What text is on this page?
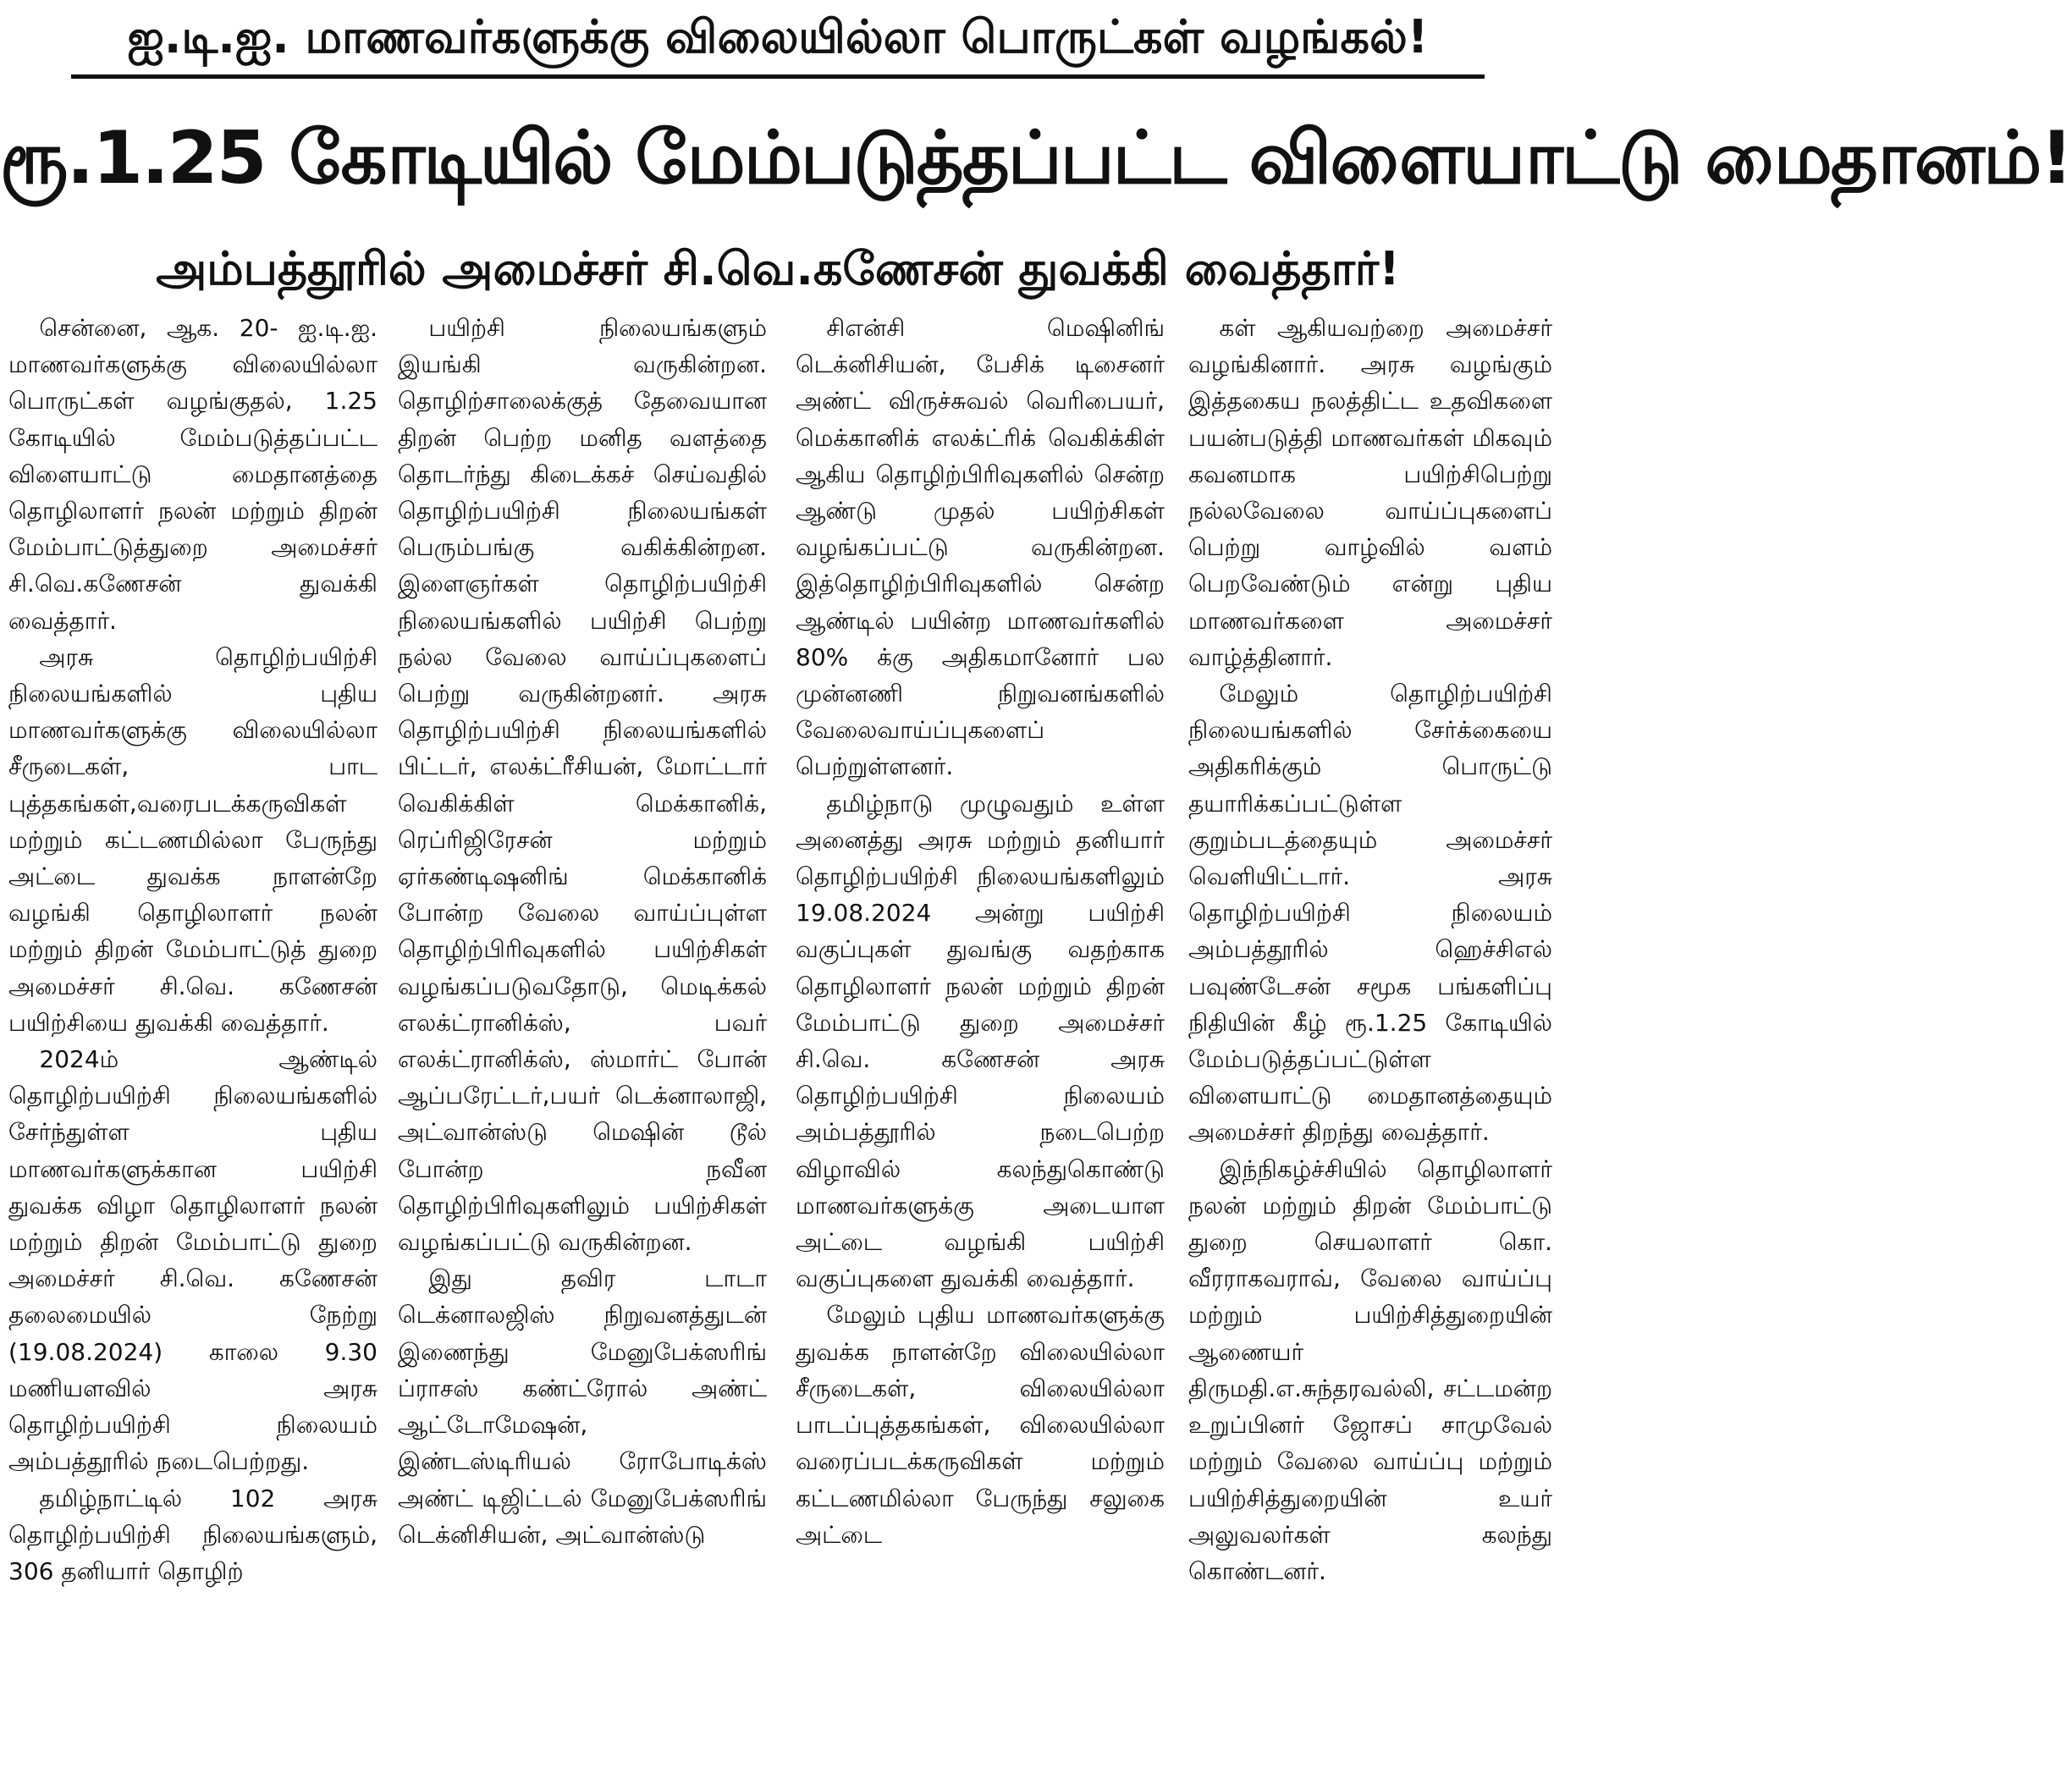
ஐ.டி.ஐ. மாணவர்களுக்கு விலையில்லா பொருட்கள் வழங்கல்!
ரூ.1.25 கோடியில் மேம்படுத்தப்பட்ட விளையாட்டு மைதானம்!
அம்பத்தூரில் அமைச்சர் சி.வெ.கணேசன் துவக்கி வைத்தார்!

சென்னை, ஆக. 20- ஐ.டி.ஐ. மாணவர்களுக்கு விலையில்லா பொருட்கள் வழங்குதல், 1.25 கோடியில் மேம்படுத்தப்பட்ட விளையாட்டு மைதானத்தை தொழிலாளர் நலன் மற்றும் திறன் மேம்பாட்டுத்துறை அமைச்சர் சி.வெ.கணேசன் துவக்கி வைத்தார்.

அரசு தொழிற்பயிற்சி நிலையங்களில் புதிய மாணவர்களுக்கு விலையில்லா சீருடைகள், பாட புத்தகங்கள்,வரைபடக்கருவிகள் மற்றும் கட்டணமில்லா பேருந்து அட்டை துவக்க நாளன்றே வழங்கி தொழிலாளர் நலன் மற்றும் திறன் மேம்பாட்டுத் துறை அமைச்சர் சி.வெ. கணேசன் பயிற்சியை துவக்கி வைத்தார்.

2024ம் ஆண்டில் தொழிற்பயிற்சி நிலையங்களில் சேர்ந்துள்ள புதிய மாணவர்களுக்கான பயிற்சி துவக்க விழா தொழிலாளர் நலன் மற்றும் திறன் மேம்பாட்டு துறை அமைச்சர் சி.வெ. கணேசன் தலைமையில் நேற்று (19.08.2024) காலை 9.30 மணியளவில் அரசு தொழிற்பயிற்சி நிலையம் அம்பத்தூரில் நடைபெற்றது.

தமிழ்நாட்டில் 102 அரசு தொழிற்பயிற்சி நிலையங்களும், 306 தனியார் தொழிற்

பயிற்சி நிலையங்களும் இயங்கி வருகின்றன. தொழிற்சாலைக்குத் தேவையான திறன் பெற்ற மனித வளத்தை தொடர்ந்து கிடைக்கச் செய்வதில் தொழிற்பயிற்சி நிலையங்கள் பெரும்பங்கு வகிக்கின்றன. இளைஞர்கள் தொழிற்பயிற்சி நிலையங்களில் பயிற்சி பெற்று நல்ல வேலை வாய்ப்புகளைப் பெற்று வருகின்றனர். அரசு தொழிற்பயிற்சி நிலையங்களில் பிட்டர், எலக்ட்ரீசியன், மோட்டார் வெகிக்கிள் மெக்கானிக், ரெப்ரிஜிரேசன் மற்றும் ஏர்கண்டிஷனிங் மெக்கானிக் போன்ற வேலை வாய்ப்புள்ள தொழிற்பிரிவுகளில் பயிற்சிகள் வழங்கப்படுவதோடு, மெடிக்கல் எலக்ட்ரானிக்ஸ், பவர் எலக்ட்ரானிக்ஸ், ஸ்மார்ட் போன் ஆப்பரேட்டர்,பயர் டெக்னாலாஜி, அட்வான்ஸ்டு மெஷின் டூல் போன்ற நவீன தொழிற்பிரிவுகளிலும் பயிற்சிகள் வழங்கப்பட்டு வருகின்றன.

இது தவிர டாடா டெக்னாலஜிஸ் நிறுவனத்துடன் இணைந்து மேனுபேக்ஸரிங் ப்ராசஸ் கண்ட்ரோல் அண்ட் ஆட்டோமேஷன், இண்டஸ்டிரியல் ரோபோடிக்ஸ் அண்ட் டிஜிட்டல் மேனுபேக்ஸரிங் டெக்னிசியன், அட்வான்ஸ்டு

சிஎன்சி மெஷினிங் டெக்னிசியன், பேசிக் டிசைனர் அண்ட் விருச்சுவல் வெரிபையர், மெக்கானிக் எலக்ட்ரிக் வெகிக்கிள் ஆகிய தொழிற்பிரிவுகளில் சென்ற ஆண்டு முதல் பயிற்சிகள் வழங்கப்பட்டு வருகின்றன. இத்தொழிற்பிரிவுகளில் சென்ற ஆண்டில் பயின்ற மாணவர்களில் 80% க்கு அதிகமானோர் பல முன்னணி நிறுவனங்களில் வேலைவாய்ப்புகளைப் பெற்றுள்ளனர்.

தமிழ்நாடு முழுவதும் உள்ள அனைத்து அரசு மற்றும் தனியார் தொழிற்பயிற்சி நிலையங்களிலும் 19.08.2024 அன்று பயிற்சி வகுப்புகள் துவங்கு வதற்காக தொழிலாளர் நலன் மற்றும் திறன் மேம்பாட்டு துறை அமைச்சர் சி.வெ. கணேசன் அரசு தொழிற்பயிற்சி நிலையம் அம்பத்தூரில் நடைபெற்ற விழாவில் கலந்துகொண்டு மாணவர்களுக்கு அடையாள அட்டை வழங்கி பயிற்சி வகுப்புகளை துவக்கி வைத்தார்.

மேலும் புதிய மாணவர்களுக்கு துவக்க நாளன்றே விலையில்லா சீருடைகள், விலையில்லா பாடப்புத்தகங்கள், விலையில்லா வரைப்படக்கருவிகள் மற்றும் கட்டணமில்லா பேருந்து சலுகை அட்டை

கள் ஆகியவற்றை அமைச்சர் வழங்கினார். அரசு வழங்கும் இத்தகைய நலத்திட்ட உதவிகளை பயன்படுத்தி மாணவர்கள் மிகவும் கவனமாக பயிற்சிபெற்று நல்லவேலை வாய்ப்புகளைப் பெற்று வாழ்வில் வளம் பெறவேண்டும் என்று புதிய மாணவர்களை அமைச்சர் வாழ்த்தினார்.

மேலும் தொழிற்பயிற்சி நிலையங்களில் சேர்க்கையை அதிகரிக்கும் பொருட்டு தயாரிக்கப்பட்டுள்ள குறும்படத்தையும் அமைச்சர் வெளியிட்டார். அரசு தொழிற்பயிற்சி நிலையம் அம்பத்தூரில் ஹெச்சிஎல் பவுண்டேசன் சமூக பங்களிப்பு நிதியின் கீழ் ரூ.1.25 கோடியில் மேம்படுத்தப்பட்டுள்ள விளையாட்டு மைதானத்தையும் அமைச்சர் திறந்து வைத்தார்.

இந்நிகழ்ச்சியில் தொழிலாளர் நலன் மற்றும் திறன் மேம்பாட்டு துறை செயலாளர் கொ. வீரராகவராவ், வேலை வாய்ப்பு மற்றும் பயிற்சித்துறையின் ஆணையர் திருமதி.எ.சுந்தரவல்லி, சட்டமன்ற உறுப்பினர் ஜோசப் சாமுவேல் மற்றும் வேலை வாய்ப்பு மற்றும் பயிற்சித்துறையின் உயர் அலுவலர்கள் கலந்து கொண்டனர்.
